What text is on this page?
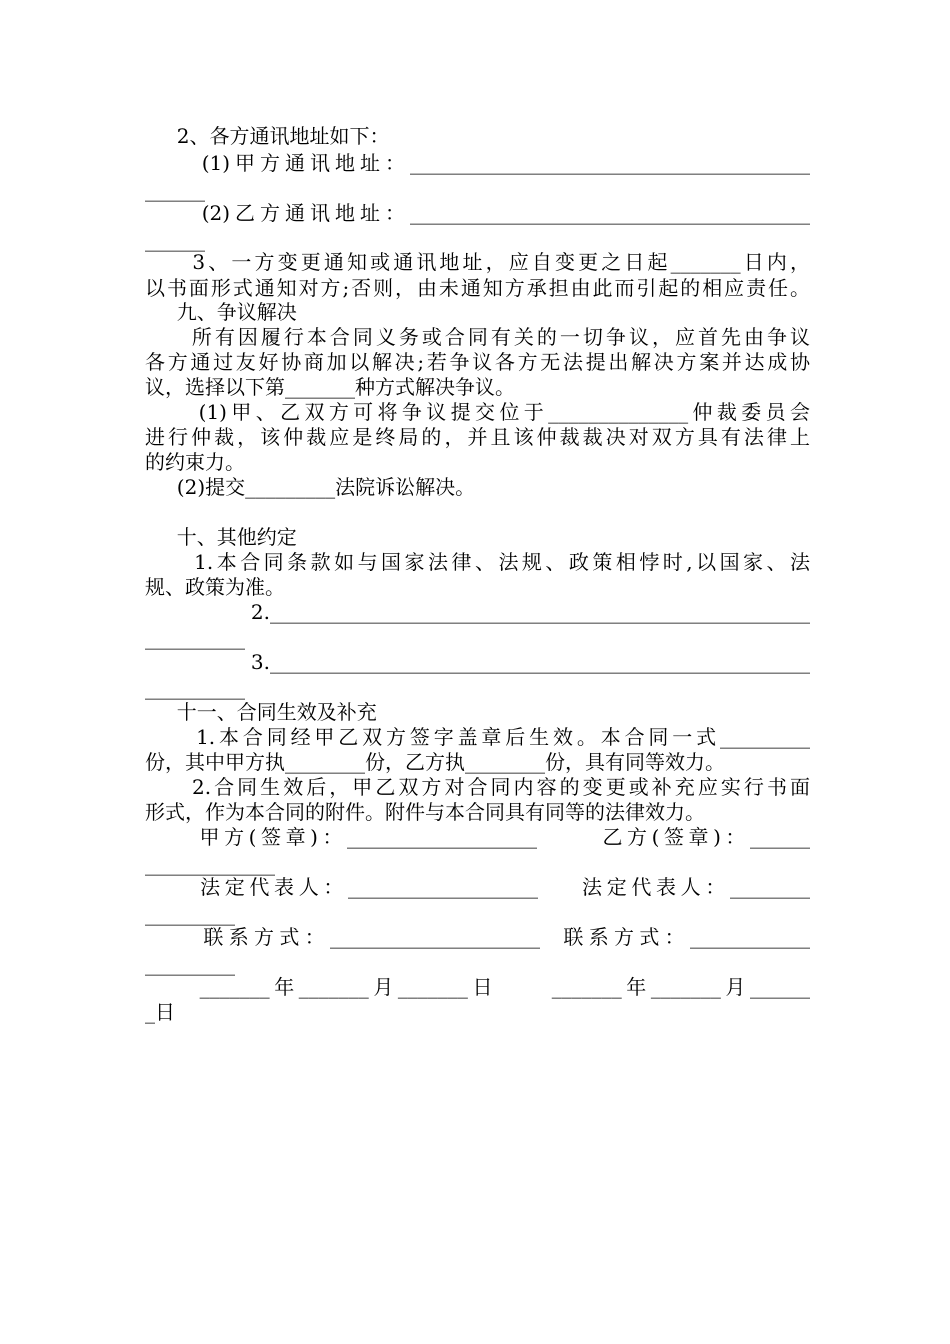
2、各方通讯地址如下：
(1)甲方通讯地址：________________________________________
______
(2)乙方通讯地址：________________________________________
______
3、一方变更通知或通讯地址，应自变更之日起_______日内，
以书面形式通知对方;否则，由未通知方承担由此而引起的相应责任。
九、争议解决
所有因履行本合同义务或合同有关的一切争议，应首先由争议
各方通过友好协商加以解决;若争议各方无法提出解决方案并达成协
议，选择以下第_______种方式解决争议。
(1)甲、乙双方可将争议提交位于______________仲裁委员会
进行仲裁，该仲裁应是终局的，并且该仲裁裁决对双方具有法律上
的约束力。
(2)提交_________法院诉讼解决。
十、其他约定
1.本合同条款如与国家法律、法规、政策相悖时,以国家、法
规、政策为准。
2.______________________________________________________
__________
3.______________________________________________________
__________
十一、合同生效及补充
1.本合同经甲乙双方签字盖章后生效。本合同一式_________
份，其中甲方执________份，乙方执________份，具有同等效力。
2.合同生效后，甲乙双方对合同内容的变更或补充应实行书面
形式，作为本合同的附件。附件与本合同具有同等的法律效力。
甲方(签章)：___________________      乙方(签章)：______
_____________
法定代表人：___________________    法定代表人：________
_________
联系方式：_____________________  联系方式：____________
_________
_______年_______月_______日     _______年_______月______
_日
